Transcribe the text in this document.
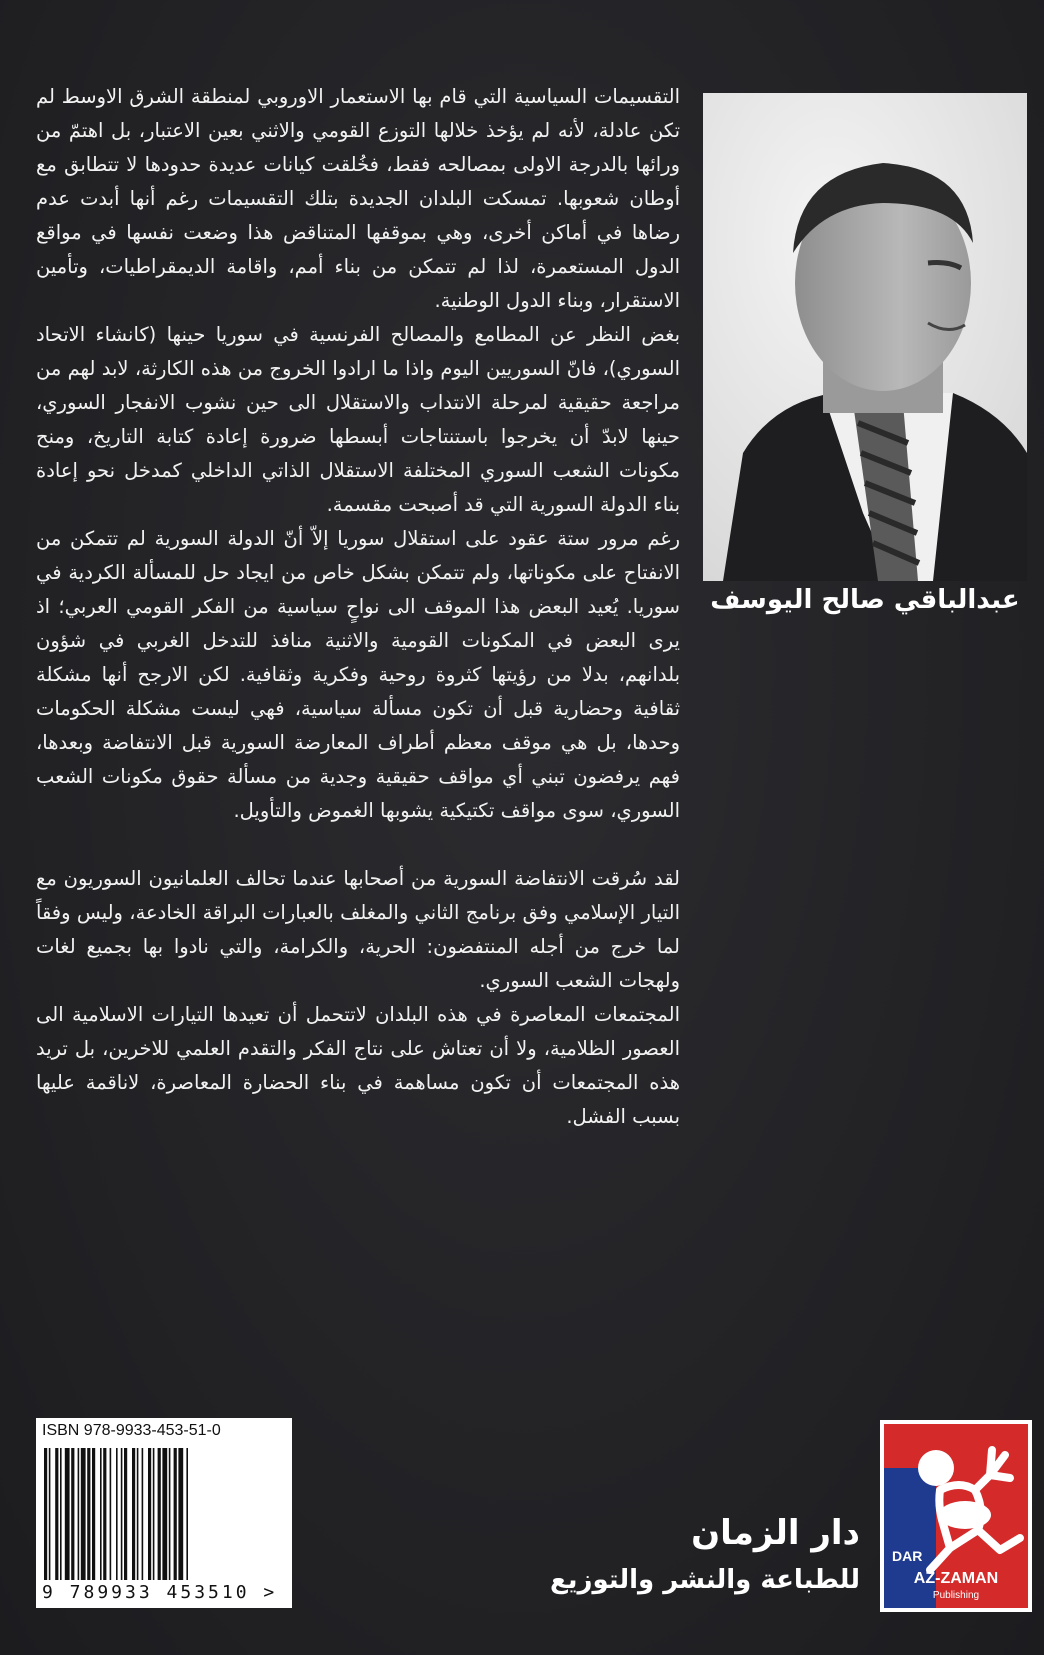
التقسيمات السياسية التي قام بها الاستعمار الاوروبي لمنطقة الشرق الاوسط لم تكن عادلة، لأنه لم يؤخذ خلالها التوزع القومي والاثني بعين الاعتبار، بل اهتمّ من ورائها بالدرجة الاولى بمصالحه فقط، فخُلقت كيانات عديدة حدودها لا تتطابق مع أوطان شعوبها. تمسكت البلدان الجديدة بتلك التقسيمات رغم أنها أبدت عدم رضاها في أماكن أخرى، وهي بموقفها المتناقض هذا وضعت نفسها في مواقع الدول المستعمرة، لذا لم تتمكن من بناء أمم، واقامة الديمقراطيات، وتأمين الاستقرار، وبناء الدول الوطنية.

بغض النظر عن المطامع والمصالح الفرنسية في سوريا حينها (كانشاء الاتحاد السوري)، فانّ السوريين اليوم واذا ما ارادوا الخروج من هذه الكارثة، لابد لهم من مراجعة حقيقية لمرحلة الانتداب والاستقلال الى حين نشوب الانفجار السوري، حينها لابدّ أن يخرجوا باستنتاجات أبسطها ضرورة إعادة كتابة التاريخ، ومنح مكونات الشعب السوري المختلفة الاستقلال الذاتي الداخلي كمدخل نحو إعادة بناء الدولة السورية التي قد أصبحت مقسمة.

رغم مرور ستة عقود على استقلال سوريا إلاّ أنّ الدولة السورية لم تتمكن من الانفتاح على مكوناتها، ولم تتمكن بشكل خاص من ايجاد حل للمسألة الكردية في سوريا. يُعيد البعض هذا الموقف الى نواحٍ سياسية من الفكر القومي العربي؛ اذ يرى البعض في المكونات القومية والاثنية منافذ للتدخل الغربي في شؤون بلدانهم، بدلا من رؤيتها كثروة روحية وفكرية وثقافية. لكن الارجح أنها مشكلة ثقافية وحضارية قبل أن تكون مسألة سياسية، فهي ليست مشكلة الحكومات وحدها، بل هي موقف معظم أطراف المعارضة السورية قبل الانتفاضة وبعدها، فهم يرفضون تبني أي مواقف حقيقية وجدية من مسألة حقوق مكونات الشعب السوري، سوى مواقف تكتيكية يشوبها الغموض والتأويل.

لقد سُرقت الانتفاضة السورية من أصحابها عندما تحالف العلمانيون السوريون مع التيار الإسلامي وفق برنامج الثاني والمغلف بالعبارات البراقة الخادعة، وليس وفقاً لما خرج من أجله المنتفضون: الحرية، والكرامة، والتي نادوا بها بجميع لغات ولهجات الشعب السوري.

المجتمعات المعاصرة في هذه البلدان لاتتحمل أن تعيدها التيارات الاسلامية الى العصور الظلامية، ولا أن تعتاش على نتاج الفكر والتقدم العلمي للاخرين، بل تريد هذه المجتمعات أن تكون مساهمة في بناء الحضارة المعاصرة، لاناقمة عليها بسبب الفشل.

عبدالباقي صالح اليوسف
ISBN 978-9933-453-51-0
9 789933 453510 >
دار الزمان
للطباعة والنشر والتوزيع
DAR
AZ-ZAMAN
Publishing
